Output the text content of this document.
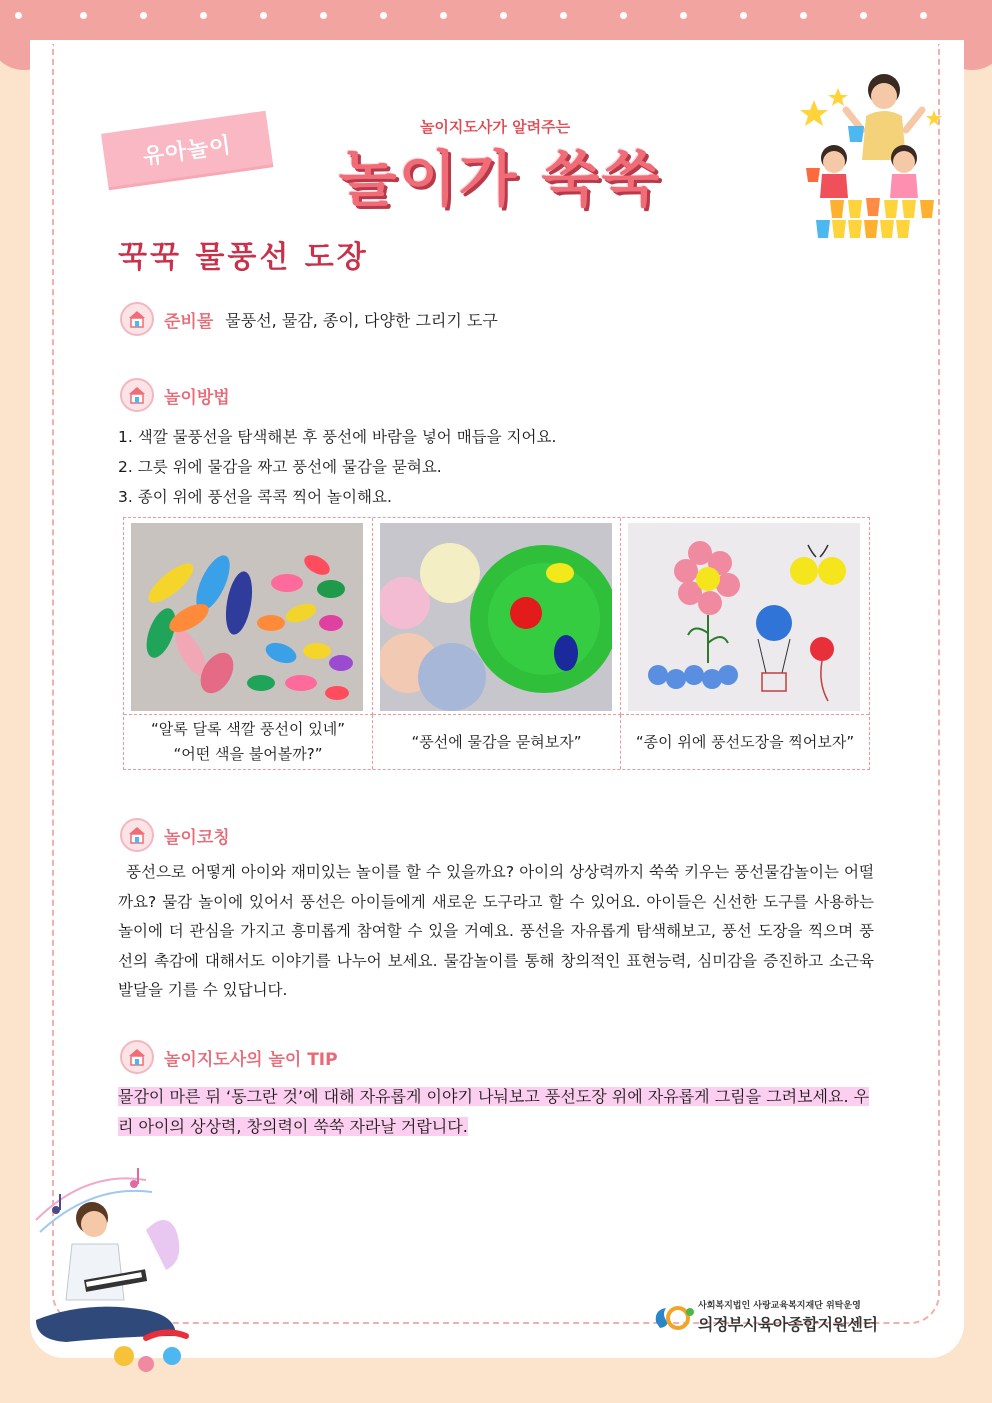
유아놀이
놀이지도사가 알려주는
놀이가 쑥쑥
꾹꾹 물풍선 도장
준비물 물풍선, 물감, 종이, 다양한 그리기 도구
놀이방법
1. 색깔 물풍선을 탐색해본 후 풍선에 바람을 넣어 매듭을 지어요.
2. 그릇 위에 물감을 짜고 풍선에 물감을 묻혀요.
3. 종이 위에 풍선을 콕콕 찍어 놀이해요.
“알록 달록 색깔 풍선이 있네”
“어떤 색을 불어볼까?”
“풍선에 물감을 묻혀보자”	“종이 위에 풍선도장을 찍어보자”
놀이코칭

풍선으로 어떻게 아이와 재미있는 놀이를 할 수 있을까요? 아이의 상상력까지 쑥쑥 키우는 풍선물감놀이는 어떨까요? 물감 놀이에 있어서 풍선은 아이들에게 새로운 도구라고 할 수 있어요. 아이들은 신선한 도구를 사용하는 놀이에 더 관심을 가지고 흥미롭게 참여할 수 있을 거예요. 풍선을 자유롭게 탐색해보고, 풍선 도장을 찍으며 풍선의 촉감에 대해서도 이야기를 나누어 보세요. 물감놀이를 통해 창의적인 표현능력, 심미감을 증진하고 소근육 발달을 기를 수 있답니다.

놀이지도사의 놀이 TIP

물감이 마른 뒤 ‘동그란 것’에 대해 자유롭게 이야기 나눠보고 풍선도장 위에 자유롭게 그림을 그려보세요. 우리 아이의 상상력, 창의력이 쑥쑥 자라날 거랍니다.

사회복지법인 사랑교육복지재단 위탁운영
의정부시육아종합지원센터
